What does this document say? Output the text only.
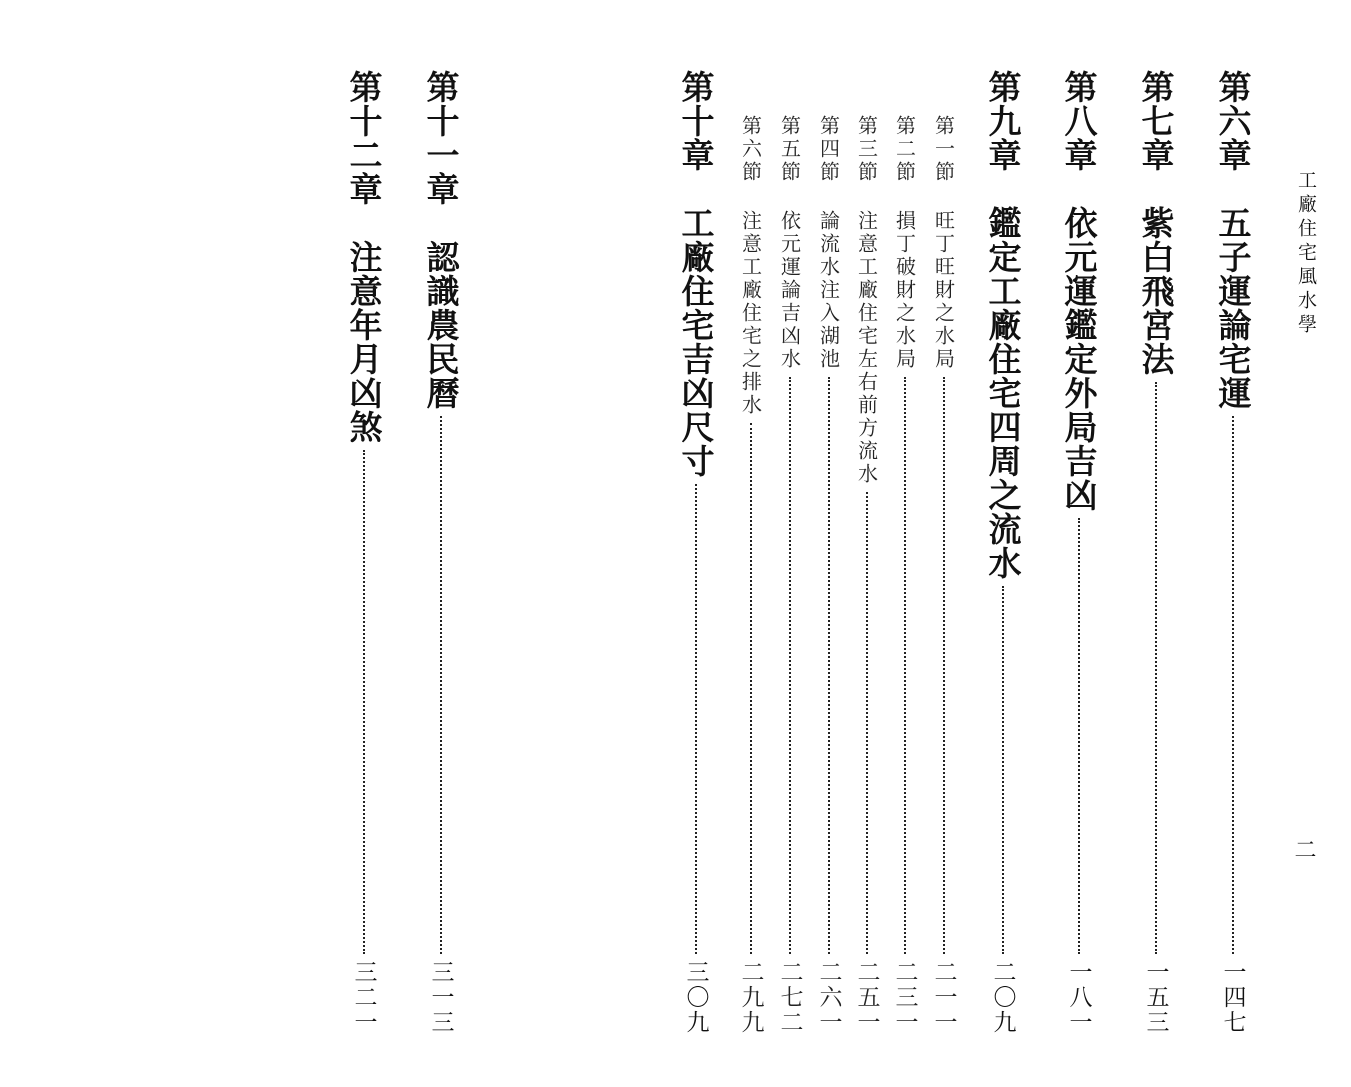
工廠住宅風水學
二
第六章
五子運論宅運
一四七
第七章
紫白飛宮法
一五三
第八章
依元運鑑定外局吉凶
一八一
第九章
鑑定工廠住宅四周之流水
二〇九
第一節
旺丁旺財之水局
二一一
第二節
損丁破財之水局
二三一
第三節
注意工廠住宅左右前方流水
二五一
第四節
論流水注入湖池
二六一
第五節
依元運論吉凶水
二七二
第六節
注意工廠住宅之排水
二九九
第十章
工廠住宅吉凶尺寸
三〇九
第十一章
認識農民曆
三一三
第十二章
注意年月凶煞
三二一
